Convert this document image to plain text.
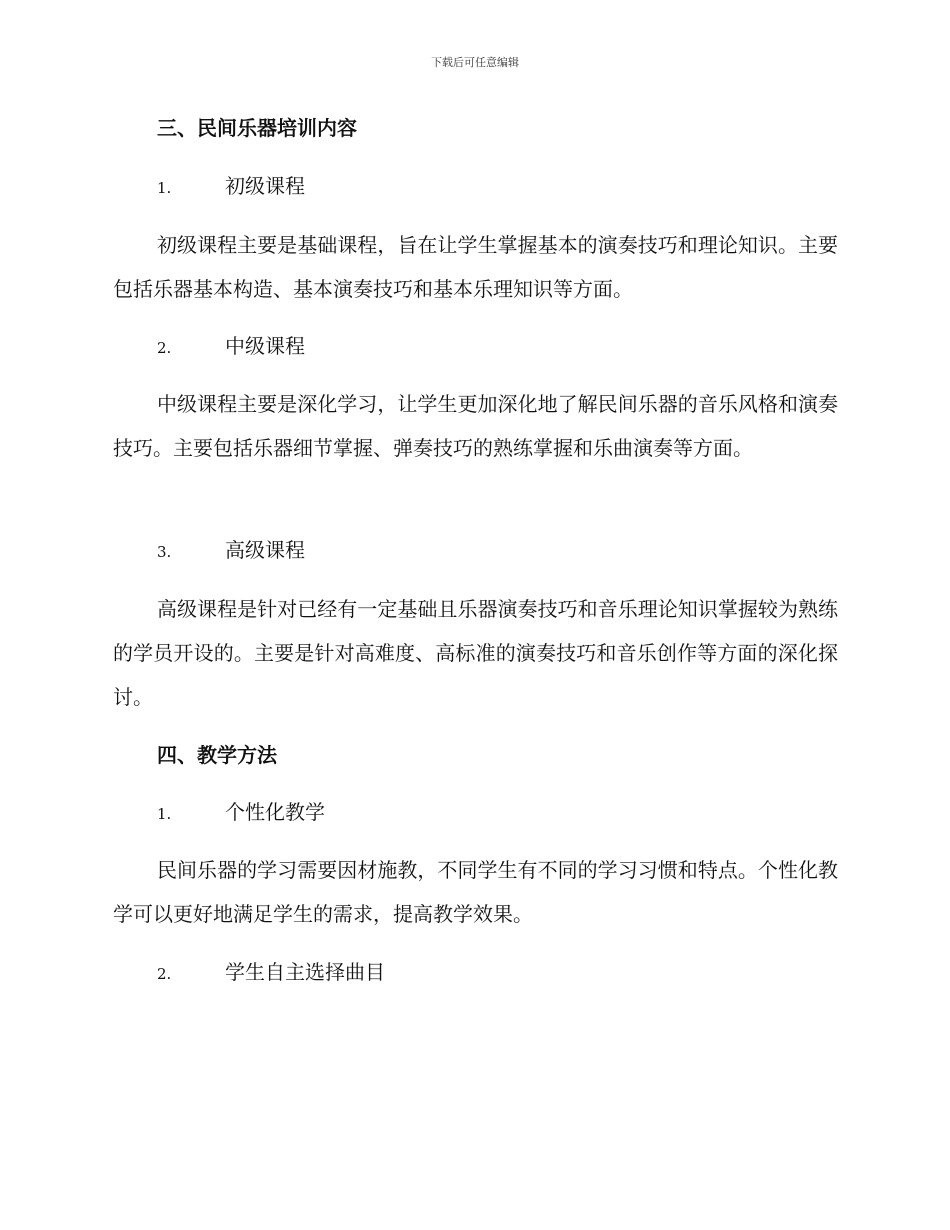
下载后可任意编辑
三、民间乐器培训内容
1.	初级课程
初级课程主要是基础课程，旨在让学生掌握基本的演奏技巧和理论知识。主要包括乐器基本构造、基本演奏技巧和基本乐理知识等方面。
2.	中级课程
中级课程主要是深化学习，让学生更加深化地了解民间乐器的音乐风格和演奏技巧。主要包括乐器细节掌握、弹奏技巧的熟练掌握和乐曲演奏等方面。
3.	高级课程
高级课程是针对已经有一定基础且乐器演奏技巧和音乐理论知识掌握较为熟练的学员开设的。主要是针对高难度、高标准的演奏技巧和音乐创作等方面的深化探讨。
四、教学方法
1.	个性化教学
民间乐器的学习需要因材施教，不同学生有不同的学习习惯和特点。个性化教学可以更好地满足学生的需求，提高教学效果。
2.	学生自主选择曲目
